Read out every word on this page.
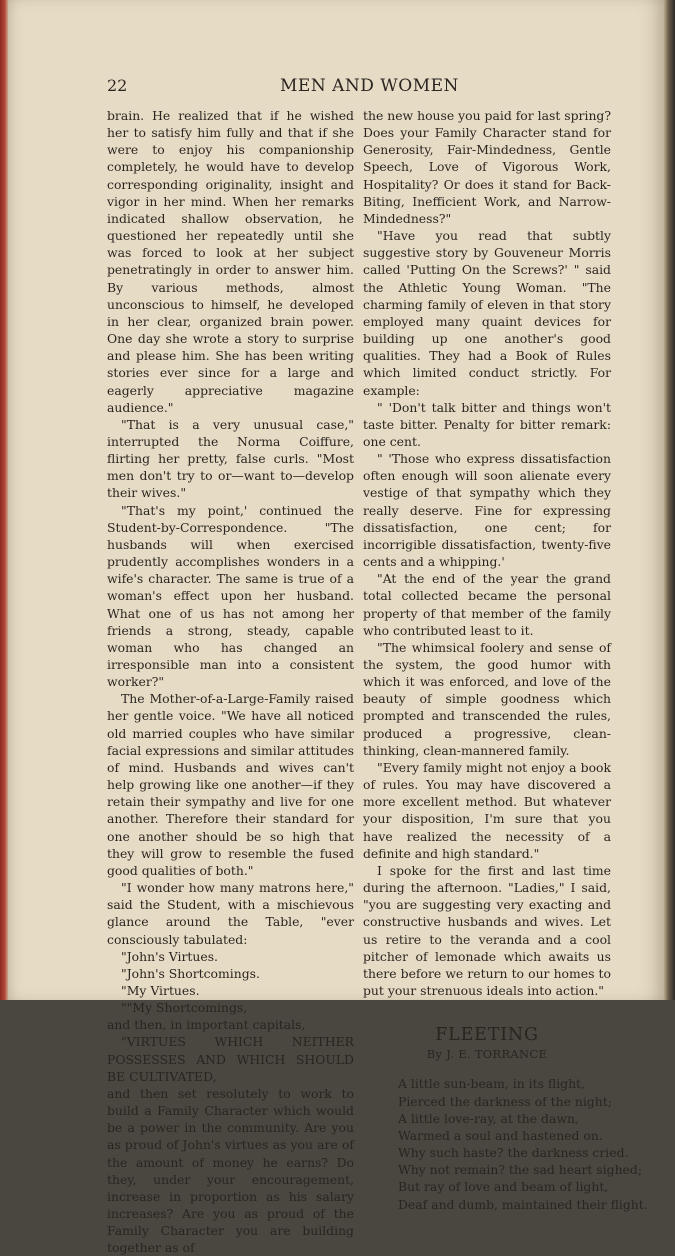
22	MEN AND WOMEN

brain. He realized that if he wished her to satisfy him fully and that if she were to enjoy his companionship completely, he would have to develop corresponding originality, insight and vigor in her mind. When her remarks indicated shallow observation, he questioned her repeatedly until she was forced to look at her subject penetratingly in order to answer him. By various methods, almost unconscious to himself, he developed in her clear, organized brain power. One day she wrote a story to surprise and please him. She has been writing stories ever since for a large and eagerly appreciative magazine audience."

"That is a very unusual case," interrupted the Norma Coiffure, flirting her pretty, false curls. "Most men don't try to or—want to—develop their wives."

"That's my point,' continued the Student-by-Correspondence. "The husbands will when exercised prudently accomplishes wonders in a wife's character. The same is true of a woman's effect upon her husband. What one of us has not among her friends a strong, steady, capable woman who has changed an irresponsible man into a consistent worker?"

The Mother-of-a-Large-Family raised her gentle voice. "We have all noticed old married couples who have similar facial expressions and similar attitudes of mind. Husbands and wives can't help growing like one another—if they retain their sympathy and live for one another. Therefore their standard for one another should be so high that they will grow to resemble the fused good qualities of both."

"I wonder how many matrons here," said the Student, with a mischievous glance around the Table, "ever consciously tabulated:

"John's Virtues.

"John's Shortcomings.

"My Virtues.

""My Shortcomings,

and then, in important capitals,

"VIRTUES WHICH NEITHER POSSESSES AND WHICH SHOULD BE CULTIVATED,

and then set resolutely to work to build a Family Character which would be a power in the community. Are you as proud of John's virtues as you are of the amount of money he earns? Do they, under your encouragement, increase in proportion as his salary increases? Are you as proud of the Family Character you are building together as of

the new house you paid for last spring? Does your Family Character stand for Generosity, Fair-Mindedness, Gentle Speech, Love of Vigorous Work, Hospitality? Or does it stand for Back-Biting, Inefficient Work, and Narrow-Mindedness?"

"Have you read that subtly suggestive story by Gouveneur Morris called 'Putting On the Screws?' " said the Athletic Young Woman. "The charming family of eleven in that story employed many quaint devices for building up one another's good qualities. They had a Book of Rules which limited conduct strictly. For example:

" 'Don't talk bitter and things won't taste bitter. Penalty for bitter remark: one cent.

" 'Those who express dissatisfaction often enough will soon alienate every vestige of that sympathy which they really deserve. Fine for expressing dissatisfaction, one cent; for incorrigible dissatisfaction, twenty-five cents and a whipping.'

"At the end of the year the grand total collected became the personal property of that member of the family who contributed least to it.

"The whimsical foolery and sense of the system, the good humor with which it was enforced, and love of the beauty of simple goodness which prompted and transcended the rules, produced a progressive, clean-thinking, clean-mannered family.

"Every family might not enjoy a book of rules. You may have discovered a more excellent method. But whatever your disposition, I'm sure that you have realized the necessity of a definite and high standard."

I spoke for the first and last time during the afternoon. "Ladies," I said, "you are suggesting very exacting and constructive husbands and wives. Let us retire to the veranda and a cool pitcher of lemonade which awaits us there before we return to our homes to put your strenuous ideals into action."

FLEETING
By J. E. TORRANCE
A little sun-beam, in its flight,
Pierced the darkness of the night;
A little love-ray, at the dawn,
Warmed a soul and hastened on.
Why such haste? the darkness cried.
Why not remain? the sad heart sighed;
But ray of love and beam of light,
Deaf and dumb, maintained their flight.
